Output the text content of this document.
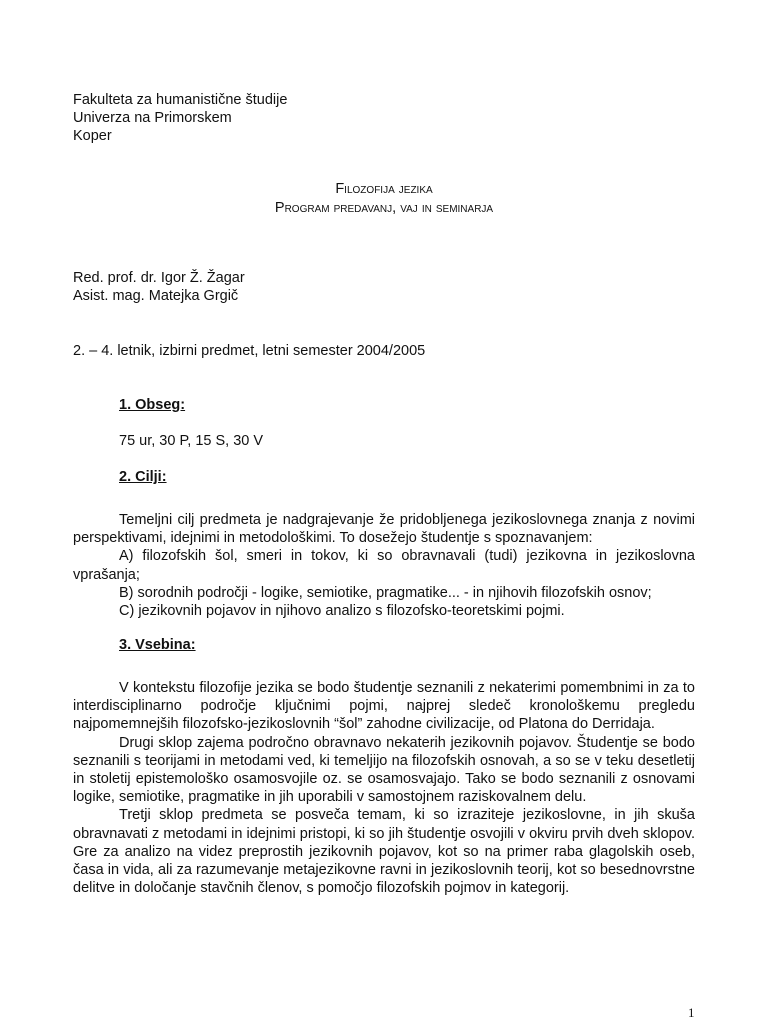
Fakulteta za humanistične študije
Univerza na Primorskem
Koper
Filozofija jezika
Program predavanj, vaj in seminarja
Red. prof. dr. Igor Ž. Žagar
Asist. mag. Matejka Grgič
2. – 4. letnik, izbirni predmet, letni semester 2004/2005
1. Obseg:
75 ur, 30 P, 15 S, 30 V
2. Cilji:

Temeljni cilj predmeta je nadgrajevanje že pridobljenega jezikoslovnega znanja z novimi perspektivami, idejnimi in metodološkimi. To dosežejo študentje s spoznavanjem:

A) filozofskih šol, smeri in tokov, ki so obravnavali (tudi) jezikovna in jezikoslovna vprašanja;

B) sorodnih področji - logike, semiotike, pragmatike... - in njihovih filozofskih osnov;

C) jezikovnih pojavov in njihovo analizo s filozofsko-teoretskimi pojmi.

3. Vsebina:

V kontekstu filozofije jezika se bodo študentje seznanili z nekaterimi pomembnimi in za to interdisciplinarno področje ključnimi pojmi, najprej sledeč kronološkemu pregledu najpomemnejših filozofsko-jezikoslovnih “šol” zahodne civilizacije, od Platona do Derridaja.

Drugi sklop zajema področno obravnavo nekaterih jezikovnih pojavov. Študentje se bodo seznanili s teorijami in metodami ved, ki temeljijo na filozofskih osnovah, a so se v teku desetletij in stoletij epistemološko osamosvojile oz. se osamosvajajo. Tako se bodo seznanili z osnovami logike, semiotike, pragmatike in jih uporabili v samostojnem raziskovalnem delu.

Tretji sklop predmeta se posveča temam, ki so izraziteje jezikoslovne, in jih skuša obravnavati z metodami in idejnimi pristopi, ki so jih študentje osvojili v okviru prvih dveh sklopov. Gre za analizo na videz preprostih jezikovnih pojavov, kot so na primer raba glagolskih oseb, časa in vida, ali za razumevanje metajezikovne ravni in jezikoslovnih teorij, kot so besednovrstne delitve in določanje stavčnih členov, s pomočjo filozofskih pojmov in kategorij.

1
